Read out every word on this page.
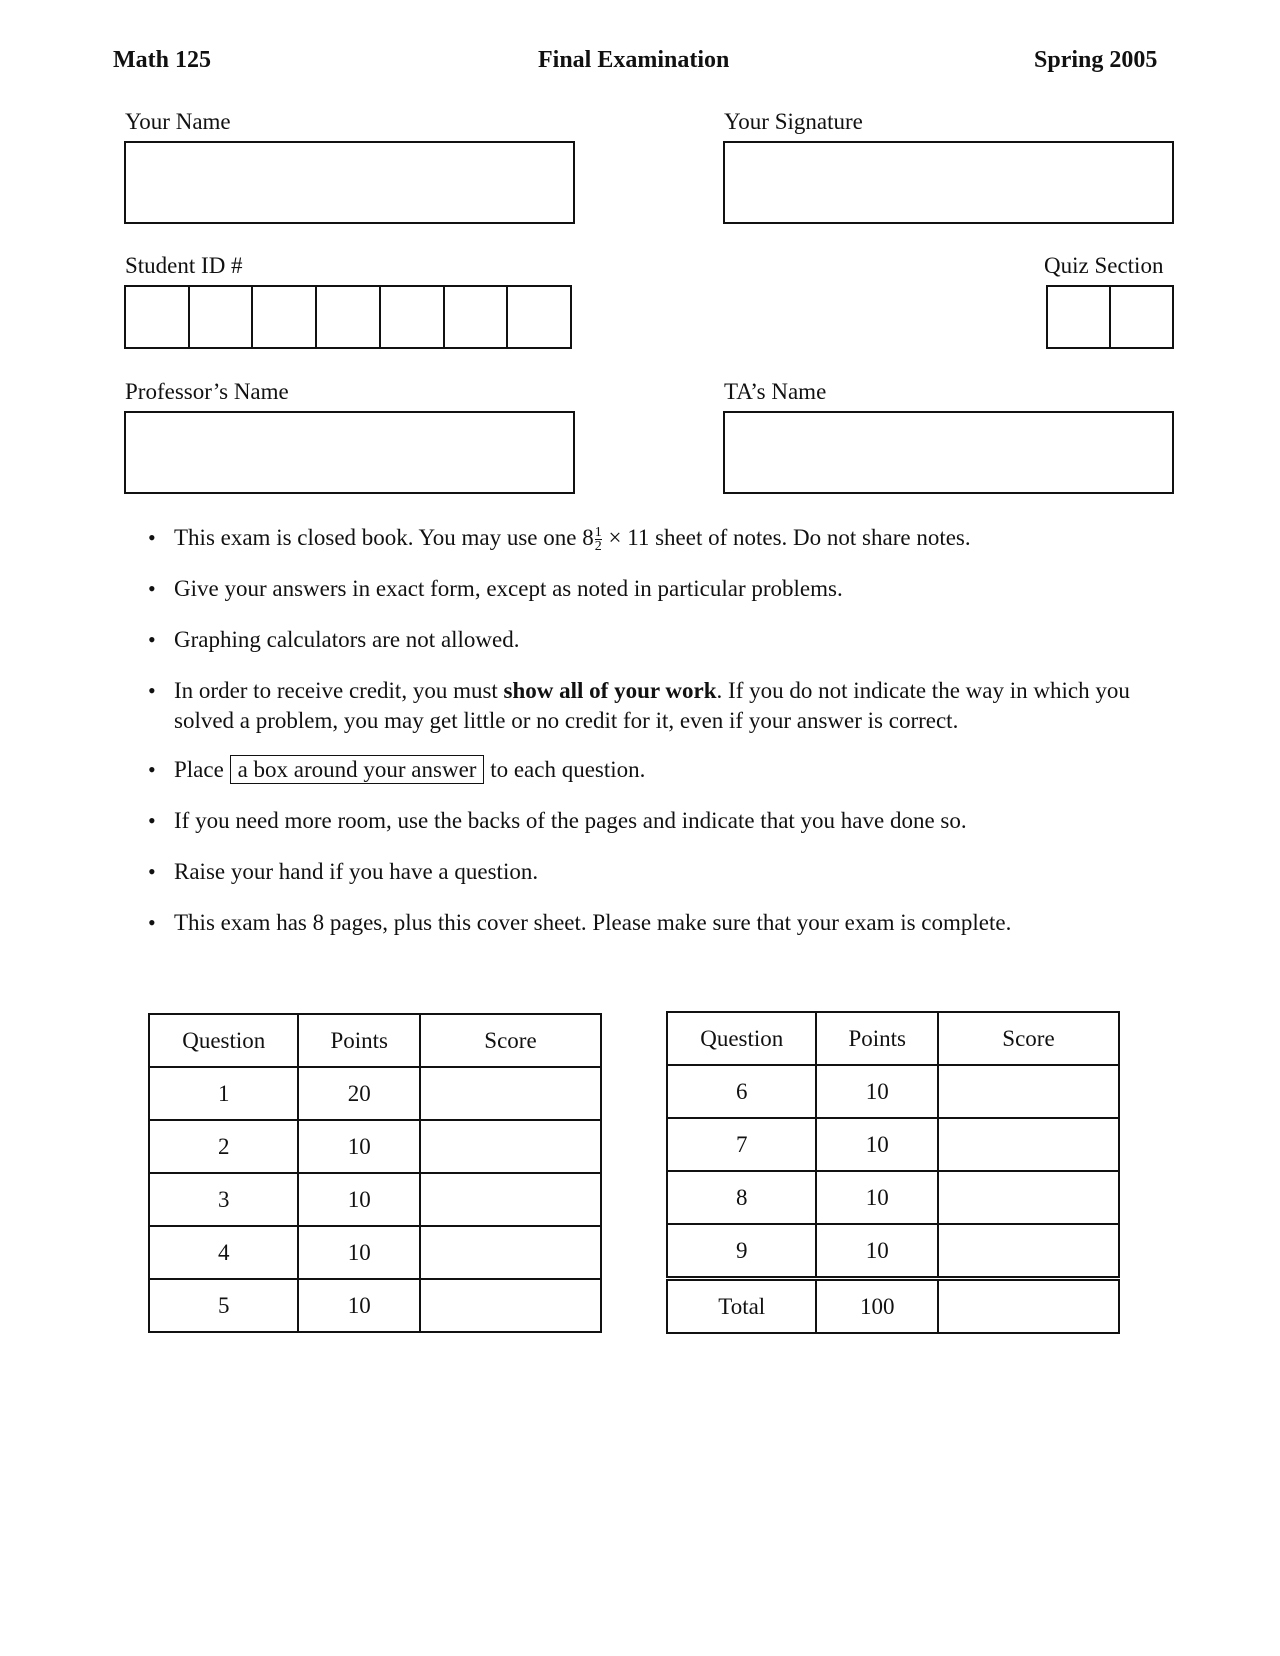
Math 125	Final Examination	Spring 2005
Your Name	Your Signature
Student ID #	Quiz Section
Professor’s Name	TA’s Name
• This exam is closed book. You may use one $8 \frac{1}{2} \times 11$ sheet of notes. Do not share notes.
• Give your answers in exact form, except as noted in particular problems.
• Graphing calculators are not allowed.
• In order to receive credit, you must show all of your work. If you do not indicate the way in which you solved a problem, you may get little or no credit for it, even if your answer is correct.
• Place a box around your answer to each question.
• If you need more room, use the backs of the pages and indicate that you have done so.
• Raise your hand if you have a question.
• This exam has 8 pages, plus this cover sheet. Please make sure that your exam is complete.
Question	Points	Score
1	20	
2	10	
3	10	
4	10	
5	10	
Question	Points	Score
6	10	
7	10	
8	10	
9	10	
Total	100	
